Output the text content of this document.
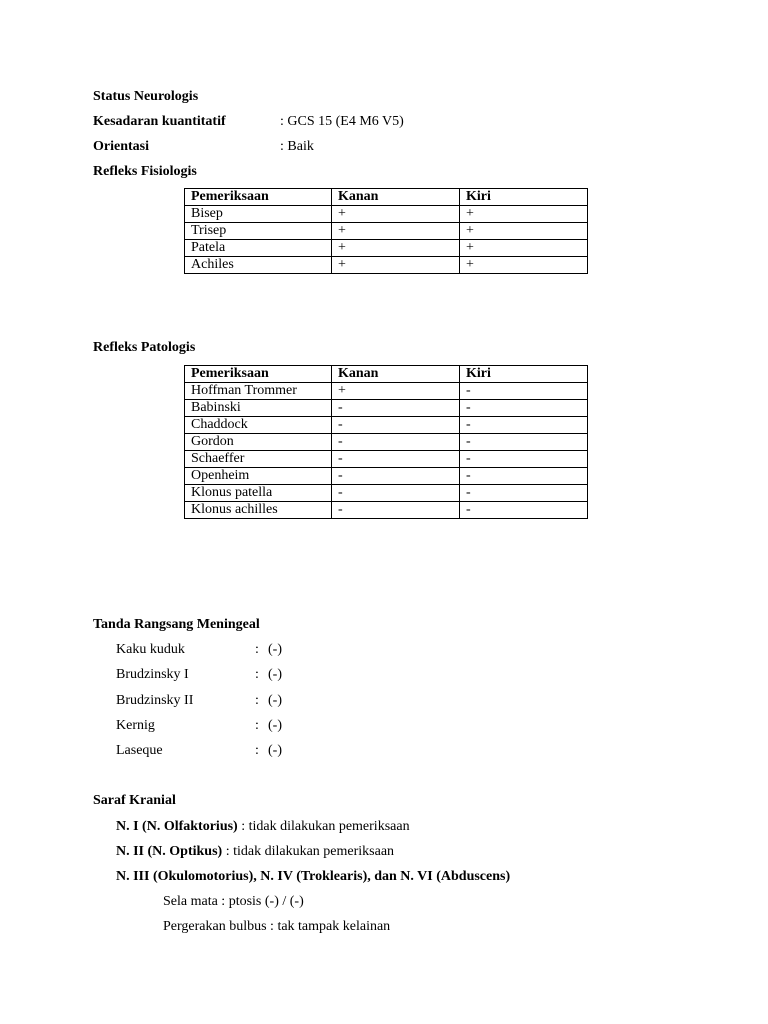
Status Neurologis
Kesadaran kuantitatif	: GCS 15 (E4 M6 V5)
Orientasi	: Baik
Refleks Fisiologis
Pemeriksaan	Kanan	Kiri
Bisep	+	+
Trisep	+	+
Patela	+	+
Achiles	+	+
Refleks Patologis
Pemeriksaan	Kanan	Kiri
Hoffman Trommer	+	-
Babinski	-	-
Chaddock	-	-
Gordon	-	-
Schaeffer	-	-
Openheim	-	-
Klonus patella	-	-
Klonus achilles	-	-
Tanda Rangsang Meningeal
Kaku kuduk	: (-)
Brudzinsky I	: (-)
Brudzinsky II	: (-)
Kernig	: (-)
Laseque	: (-)
Saraf Kranial
N. I (N. Olfaktorius) : tidak dilakukan pemeriksaan
N. II (N. Optikus) : tidak dilakukan pemeriksaan
N. III (Okulomotorius), N. IV (Troklearis), dan N. VI (Abduscens)
Sela mata : ptosis (-) / (-)
Pergerakan bulbus : tak tampak kelainan
